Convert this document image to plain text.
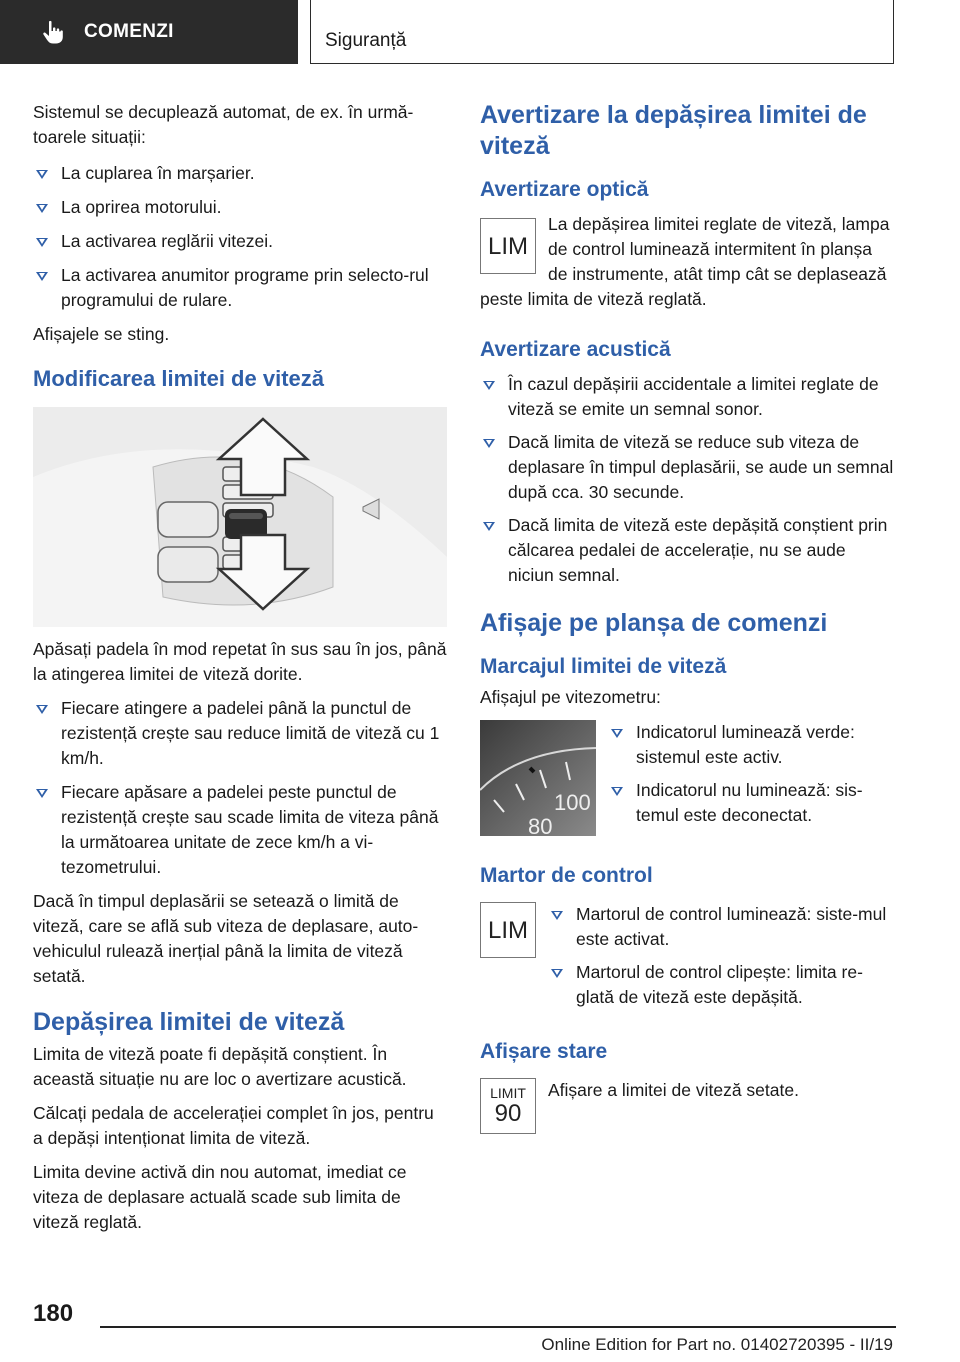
COMENZI	Siguranță

Sistemul se decuplează automat, de ex. în urmă-toarele situații:

La cuplarea în marșarier.
La oprirea motorului.
La activarea reglării vitezei.
La activarea anumitor programe prin selecto-rul programului de rulare.

Afișajele se sting.

Modificarea limitei de viteză

Apăsați padela în mod repetat în sus sau în jos, până la atingerea limitei de viteză dorite.

Fiecare atingere a padelei până la punctul de rezistență crește sau reduce limită de viteză cu 1 km/h.
Fiecare apăsare a padelei peste punctul de rezistență crește sau scade limita de viteza până la următoarea unitate de zece km/h a vi-tezometrului.

Dacă în timpul deplasării se setează o limită de viteză, care se află sub viteza de deplasare, auto-vehiculul rulează inerțial până la limita de viteză setată.

Depășirea limitei de viteză

Limita de viteză poate fi depășită conștient. În această situație nu are loc o avertizare acustică.

Călcați pedala de accelerației complet în jos, pentru a depăși intenționat limita de viteză.

Limita devine activă din nou automat, imediat ce viteza de deplasare actuală scade sub limita de viteză reglată.

Avertizare la depășirea limitei de viteză
Avertizare optică
LIM

La depășirea limitei reglate de viteză, lampa de control luminează intermitent în planșa de instrumente, atât timp cât se deplasează peste limita de viteză reglată.

Avertizare acustică
În cazul depășirii accidentale a limitei reglate de viteză se emite un semnal sonor.
Dacă limita de viteză se reduce sub viteza de deplasare în timpul deplasării, se aude un semnal după cca. 30 secunde.
Dacă limita de viteză este depășită conștient prin călcarea pedalei de accelerație, nu se aude niciun semnal.
Afișaje pe planșa de comenzi
Marcajul limitei de viteză

Afișajul pe vitezometru:

100
80
Indicatorul luminează verde: sistemul este activ.
Indicatorul nu luminează: sis-temul este deconectat.
Martor de control
LIM
Martorul de control luminează: siste-mul este activat.
Martorul de control clipește: limita re-glată de viteză este depășită.
Afișare stare
LIMIT
90

Afișare a limitei de viteză setate.

180
Online Edition for Part no. 01402720395 - II/19
